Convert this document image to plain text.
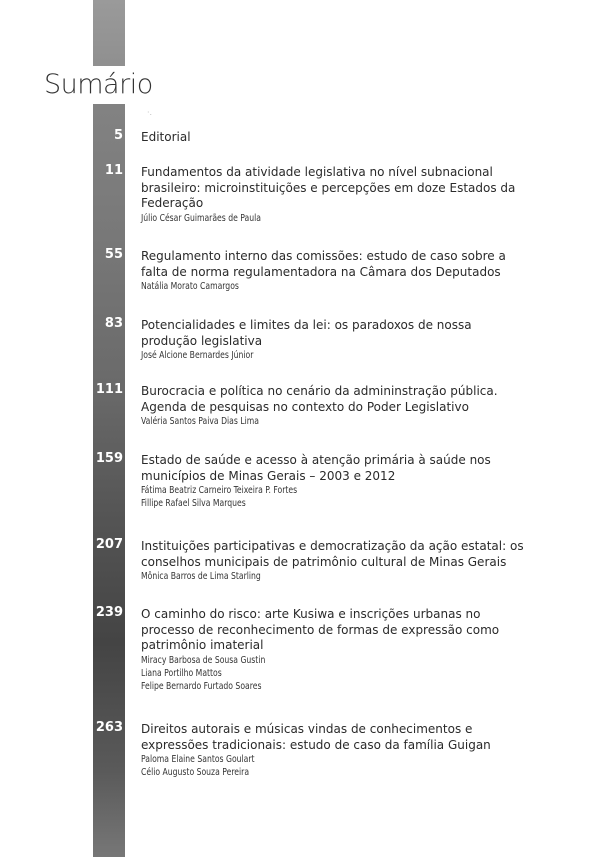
Sumário
·.
5 Editorial
11 Fundamentos da atividade legislativa no nível subnacional
brasileiro: microinstituições e percepções em doze Estados da
Federação
Júlio César Guimarães de Paula
55 Regulamento interno das comissões: estudo de caso sobre a
falta de norma regulamentadora na Câmara dos Deputados
Natália Morato Camargos
83 Potencialidades e limites da lei: os paradoxos de nossa
produção legislativa
José Alcione Bernardes Júnior
111 Burocracia e política no cenário da admininstração pública.
Agenda de pesquisas no contexto do Poder Legislativo
Valéria Santos Paiva Dias Lima
159 Estado de saúde e acesso à atenção primária à saúde nos
municípios de Minas Gerais – 2003 e 2012
Fátima Beatriz Carneiro Teixeira P. Fortes
Fillipe Rafael Silva Marques
207 Instituições participativas e democratização da ação estatal: os
conselhos municipais de patrimônio cultural de Minas Gerais
Mônica Barros de Lima Starling
239 O caminho do risco: arte Kusiwa e inscrições urbanas no
processo de reconhecimento de formas de expressão como
patrimônio imaterial
Miracy Barbosa de Sousa Gustin
Liana Portilho Mattos
Felipe Bernardo Furtado Soares
263 Direitos autorais e músicas vindas de conhecimentos e
expressões tradicionais: estudo de caso da família Guigan
Paloma Elaine Santos Goulart
Célio Augusto Souza Pereira
